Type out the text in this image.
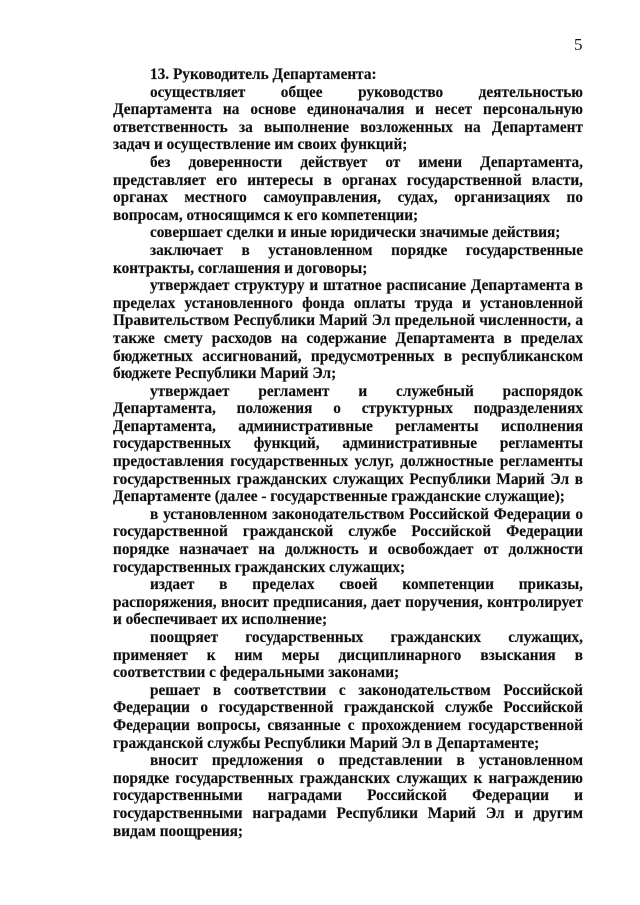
5

13. Руководитель Департамента:

осуществляет общее руководство деятельностью Департамента на основе единоначалия и несет персональную ответственность за выполнение возложенных на Департамент задач и осуществление им своих функций;

без доверенности действует от имени Департамента, представляет его интересы в органах государственной власти, органах местного самоуправления, судах, организациях по вопросам, относящимся к его компетенции;

совершает сделки и иные юридически значимые действия;

заключает в установленном порядке государственные контракты, соглашения и договоры;

утверждает структуру и штатное расписание Департамента в пределах установленного фонда оплаты труда и установленной Правительством Республики Марий Эл предельной численности, а также смету расходов на содержание Департамента в пределах бюджетных ассигнований, предусмотренных в республиканском бюджете Республики Марий Эл;

утверждает регламент и служебный распорядок Департамента, положения о структурных подразделениях Департамента, административные регламенты исполнения государственных функций, административные регламенты предоставления государственных услуг, должностные регламенты государственных гражданских служащих Республики Марий Эл в Департаменте (далее - государственные гражданские служащие);

в установленном законодательством Российской Федерации о государственной гражданской службе Российской Федерации порядке назначает на должность и освобождает от должности государственных гражданских служащих;

издает в пределах своей компетенции приказы, распоряжения, вносит предписания, дает поручения, контролирует и обеспечивает их исполнение;

поощряет государственных гражданских служащих, применяет к ним меры дисциплинарного взыскания в соответствии с федеральными законами;

решает в соответствии с законодательством Российской Федерации о государственной гражданской службе Российской Федерации вопросы, связанные с прохождением государственной гражданской службы Республики Марий Эл в Департаменте;

вносит предложения о представлении в установленном порядке государственных гражданских служащих к награждению государственными наградами Российской Федерации и государственными наградами Республики Марий Эл и другим видам поощрения;
